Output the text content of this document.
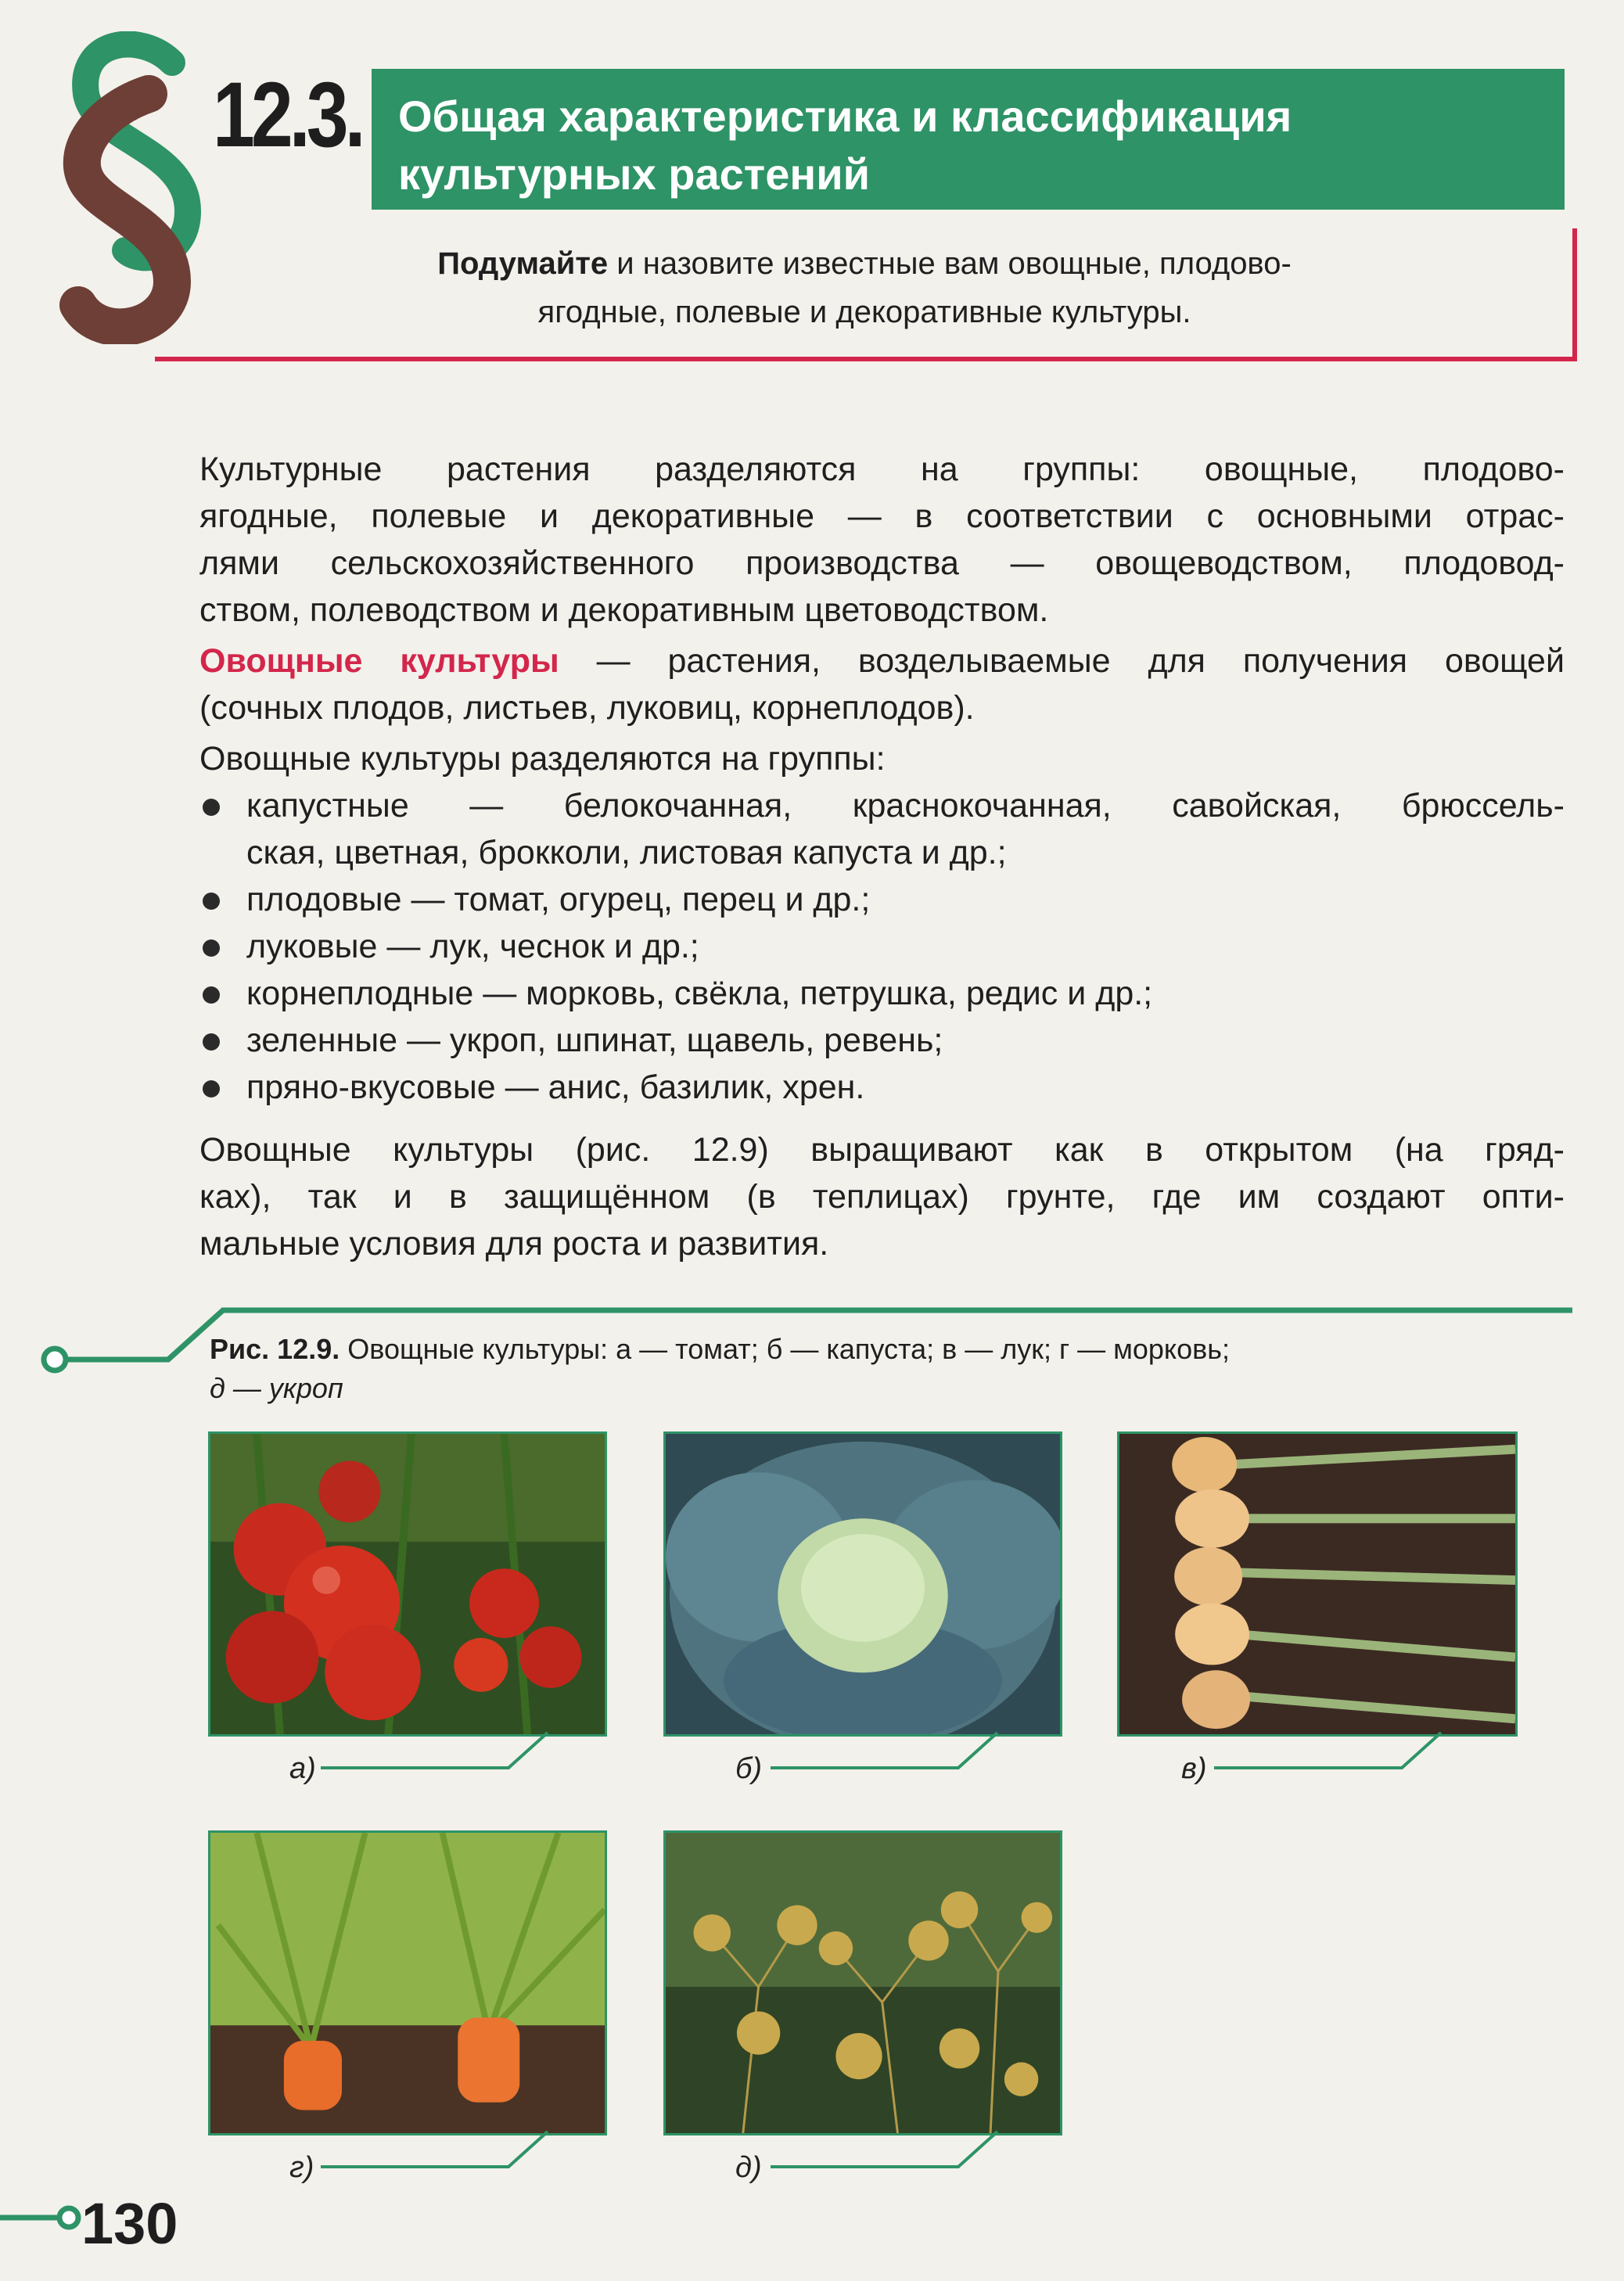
12.3. Общая характеристика и классификация
культурных растений
Подумайте и назовите известные вам овощные, плодово-
ягодные, полевые и декоративные культуры.
Культурные растения разделяются на группы: овощные, плодово-
ягодные, полевые и декоративные — в соответствии с основными отрас-
лями сельскохозяйственного производства — овощеводством, плодовод-
ством, полеводством и декоративным цветоводством.
Овощные культуры — растения, возделываемые для получения овощей
(сочных плодов, листьев, луковиц, корнеплодов).
Овощные культуры разделяются на группы:
капустные — белокочанная, краснокочанная, савойская, брюссель-
ская, цветная, брокколи, листовая капуста и др.;
плодовые — томат, огурец, перец и др.;
луковые — лук, чеснок и др.;
корнеплодные — морковь, свёкла, петрушка, редис и др.;
зеленные — укроп, шпинат, щавель, ревень;
пряно-вкусовые — анис, базилик, хрен.
Овощные культуры (рис. 12.9) выращивают как в открытом (на гряд-
ках), так и в защищённом (в теплицах) грунте, где им создают опти-
мальные условия для роста и развития.
Рис. 12.9. Овощные культуры: а — томат; б — капуста; в — лук; г — морковь;
д — укроп
а)	б)	в)
г)	д)
130
